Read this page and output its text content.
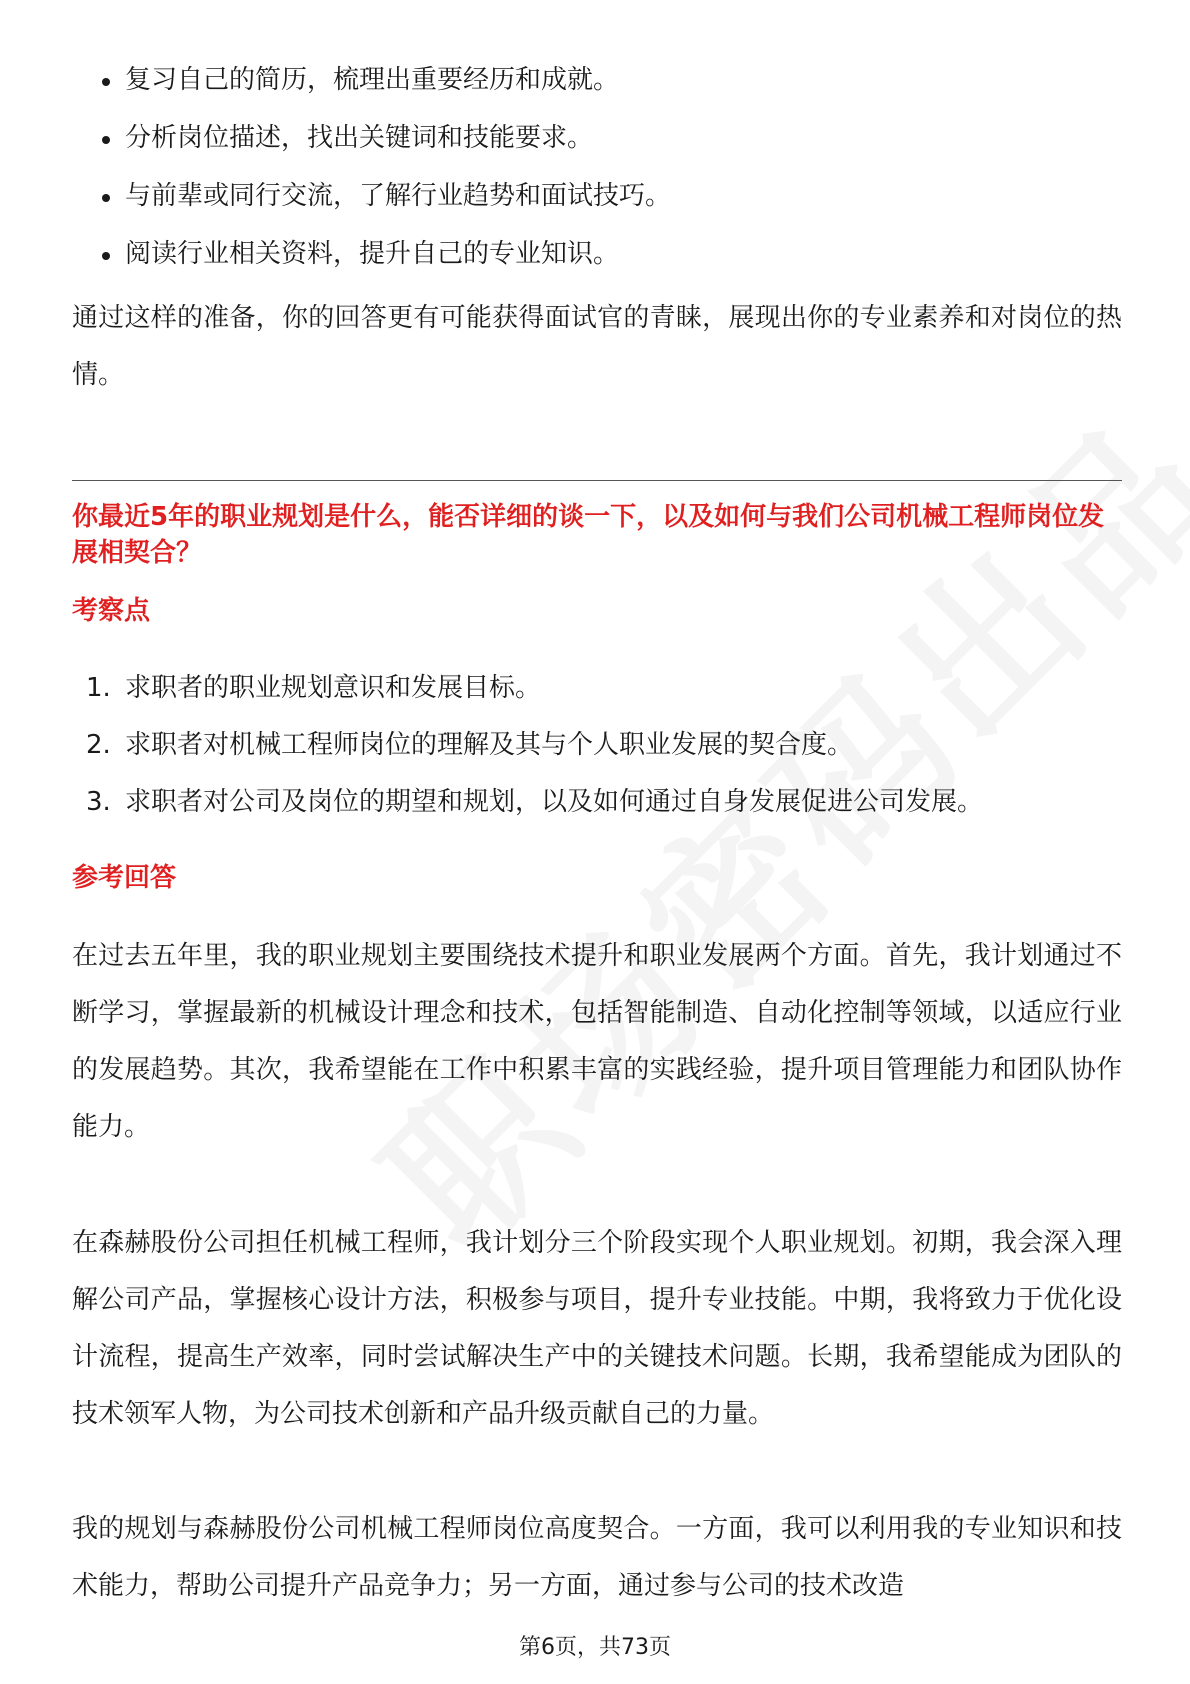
复习自己的简历，梳理出重要经历和成就。
分析岗位描述，找出关键词和技能要求。
与前辈或同行交流，了解行业趋势和面试技巧。
阅读行业相关资料，提升自己的专业知识。

通过这样的准备，你的回答更有可能获得面试官的青睐，展现出你的专业素养和对岗位的热情。

你最近5年的职业规划是什么，能否详细的谈一下，以及如何与我们公司机械工程师岗位发展相契合？

考察点

1. 求职者的职业规划意识和发展目标。
2. 求职者对机械工程师岗位的理解及其与个人职业发展的契合度。
3. 求职者对公司及岗位的期望和规划，以及如何通过自身发展促进公司发展。

参考回答

在过去五年里，我的职业规划主要围绕技术提升和职业发展两个方面。首先，我计划通过不断学习，掌握最新的机械设计理念和技术，包括智能制造、自动化控制等领域，以适应行业的发展趋势。其次，我希望能在工作中积累丰富的实践经验，提升项目管理能力和团队协作能力。

在森赫股份公司担任机械工程师，我计划分三个阶段实现个人职业规划。初期，我会深入理解公司产品，掌握核心设计方法，积极参与项目，提升专业技能。中期，我将致力于优化设计流程，提高生产效率，同时尝试解决生产中的关键技术问题。长期，我希望能成为团队的技术领军人物，为公司技术创新和产品升级贡献自己的力量。

我的规划与森赫股份公司机械工程师岗位高度契合。一方面，我可以利用我的专业知识和技术能力，帮助公司提升产品竞争力；另一方面，通过参与公司的技术改造

第6页，共73页
